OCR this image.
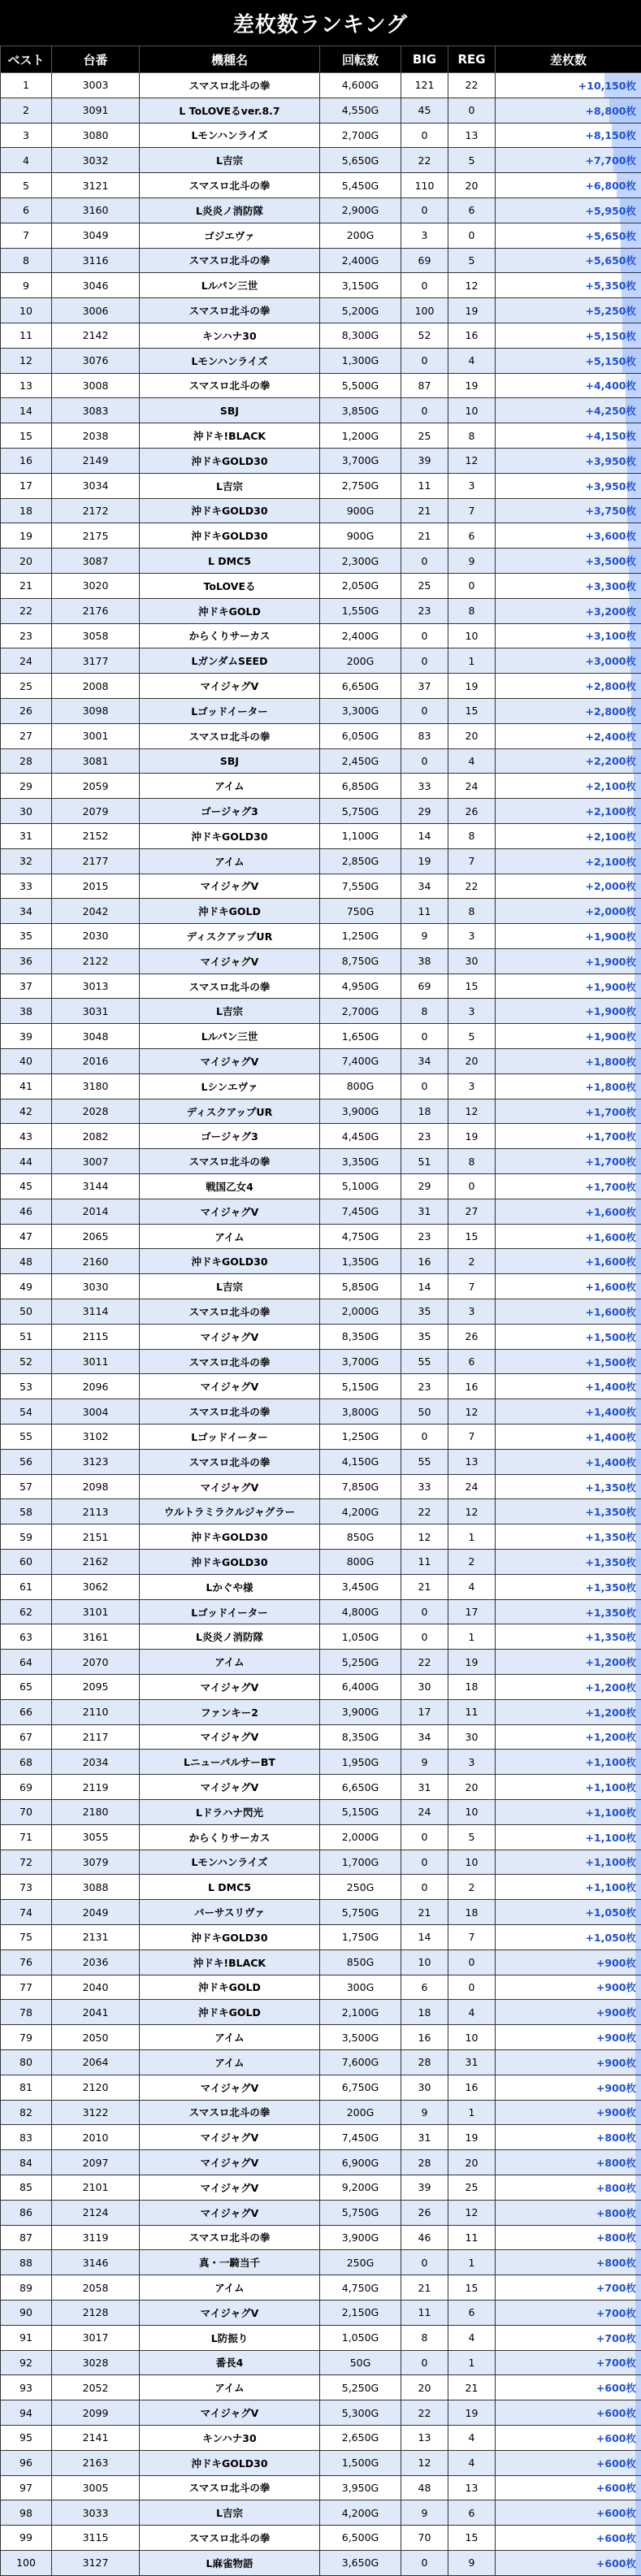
差枚数ランキング
ベスト	台番	機種名	回転数	BIG	REG	差枚数
1	3003	スマスロ北斗の拳	4,600G	121	22	+10,150枚
2	3091	L ToLOVEるver.8.7	4,550G	45	0	+8,800枚
3	3080	Lモンハンライズ	2,700G	0	13	+8,150枚
4	3032	L吉宗	5,650G	22	5	+7,700枚
5	3121	スマスロ北斗の拳	5,450G	110	20	+6,800枚
6	3160	L炎炎ノ消防隊	2,900G	0	6	+5,950枚
7	3049	ゴジエヴァ	200G	3	0	+5,650枚
8	3116	スマスロ北斗の拳	2,400G	69	5	+5,650枚
9	3046	Lルパン三世	3,150G	0	12	+5,350枚
10	3006	スマスロ北斗の拳	5,200G	100	19	+5,250枚
11	2142	キンハナ30	8,300G	52	16	+5,150枚
12	3076	Lモンハンライズ	1,300G	0	4	+5,150枚
13	3008	スマスロ北斗の拳	5,500G	87	19	+4,400枚
14	3083	SBJ	3,850G	0	10	+4,250枚
15	2038	沖ドキ!BLACK	1,200G	25	8	+4,150枚
16	2149	沖ドキGOLD30	3,700G	39	12	+3,950枚
17	3034	L吉宗	2,750G	11	3	+3,950枚
18	2172	沖ドキGOLD30	900G	21	7	+3,750枚
19	2175	沖ドキGOLD30	900G	21	6	+3,600枚
20	3087	L DMC5	2,300G	0	9	+3,500枚
21	3020	ToLOVEる	2,050G	25	0	+3,300枚
22	2176	沖ドキGOLD	1,550G	23	8	+3,200枚
23	3058	からくりサーカス	2,400G	0	10	+3,100枚
24	3177	LガンダムSEED	200G	0	1	+3,000枚
25	2008	マイジャグV	6,650G	37	19	+2,800枚
26	3098	Lゴッドイーター	3,300G	0	15	+2,800枚
27	3001	スマスロ北斗の拳	6,050G	83	20	+2,400枚
28	3081	SBJ	2,450G	0	4	+2,200枚
29	2059	アイム	6,850G	33	24	+2,100枚
30	2079	ゴージャグ3	5,750G	29	26	+2,100枚
31	2152	沖ドキGOLD30	1,100G	14	8	+2,100枚
32	2177	アイム	2,850G	19	7	+2,100枚
33	2015	マイジャグV	7,550G	34	22	+2,000枚
34	2042	沖ドキGOLD	750G	11	8	+2,000枚
35	2030	ディスクアップUR	1,250G	9	3	+1,900枚
36	2122	マイジャグV	8,750G	38	30	+1,900枚
37	3013	スマスロ北斗の拳	4,950G	69	15	+1,900枚
38	3031	L吉宗	2,700G	8	3	+1,900枚
39	3048	Lルパン三世	1,650G	0	5	+1,900枚
40	2016	マイジャグV	7,400G	34	20	+1,800枚
41	3180	Lシンエヴァ	800G	0	3	+1,800枚
42	2028	ディスクアップUR	3,900G	18	12	+1,700枚
43	2082	ゴージャグ3	4,450G	23	19	+1,700枚
44	3007	スマスロ北斗の拳	3,350G	51	8	+1,700枚
45	3144	戦国乙女4	5,100G	29	0	+1,700枚
46	2014	マイジャグV	7,450G	31	27	+1,600枚
47	2065	アイム	4,750G	23	15	+1,600枚
48	2160	沖ドキGOLD30	1,350G	16	2	+1,600枚
49	3030	L吉宗	5,850G	14	7	+1,600枚
50	3114	スマスロ北斗の拳	2,000G	35	3	+1,600枚
51	2115	マイジャグV	8,350G	35	26	+1,500枚
52	3011	スマスロ北斗の拳	3,700G	55	6	+1,500枚
53	2096	マイジャグV	5,150G	23	16	+1,400枚
54	3004	スマスロ北斗の拳	3,800G	50	12	+1,400枚
55	3102	Lゴッドイーター	1,250G	0	7	+1,400枚
56	3123	スマスロ北斗の拳	4,150G	55	13	+1,400枚
57	2098	マイジャグV	7,850G	33	24	+1,350枚
58	2113	ウルトラミラクルジャグラー	4,200G	22	12	+1,350枚
59	2151	沖ドキGOLD30	850G	12	1	+1,350枚
60	2162	沖ドキGOLD30	800G	11	2	+1,350枚
61	3062	Lかぐや様	3,450G	21	4	+1,350枚
62	3101	Lゴッドイーター	4,800G	0	17	+1,350枚
63	3161	L炎炎ノ消防隊	1,050G	0	1	+1,350枚
64	2070	アイム	5,250G	22	19	+1,200枚
65	2095	マイジャグV	6,400G	30	18	+1,200枚
66	2110	ファンキー2	3,900G	17	11	+1,200枚
67	2117	マイジャグV	8,350G	34	30	+1,200枚
68	2034	LニューパルサーBT	1,950G	9	3	+1,100枚
69	2119	マイジャグV	6,650G	31	20	+1,100枚
70	2180	Lドラハナ閃光	5,150G	24	10	+1,100枚
71	3055	からくりサーカス	2,000G	0	5	+1,100枚
72	3079	Lモンハンライズ	1,700G	0	10	+1,100枚
73	3088	L DMC5	250G	0	2	+1,100枚
74	2049	バーサスリヴァ	5,750G	21	18	+1,050枚
75	2131	沖ドキGOLD30	1,750G	14	7	+1,050枚
76	2036	沖ドキ!BLACK	850G	10	0	+900枚
77	2040	沖ドキGOLD	300G	6	0	+900枚
78	2041	沖ドキGOLD	2,100G	18	4	+900枚
79	2050	アイム	3,500G	16	10	+900枚
80	2064	アイム	7,600G	28	31	+900枚
81	2120	マイジャグV	6,750G	30	16	+900枚
82	3122	スマスロ北斗の拳	200G	9	1	+900枚
83	2010	マイジャグV	7,450G	31	19	+800枚
84	2097	マイジャグV	6,900G	28	20	+800枚
85	2101	マイジャグV	9,200G	39	25	+800枚
86	2124	マイジャグV	5,750G	26	12	+800枚
87	3119	スマスロ北斗の拳	3,900G	46	11	+800枚
88	3146	真・一騎当千	250G	0	1	+800枚
89	2058	アイム	4,750G	21	15	+700枚
90	2128	マイジャグV	2,150G	11	6	+700枚
91	3017	L防振り	1,050G	8	4	+700枚
92	3028	番長4	50G	0	1	+700枚
93	2052	アイム	5,250G	20	21	+600枚
94	2099	マイジャグV	5,300G	22	19	+600枚
95	2141	キンハナ30	2,650G	13	4	+600枚
96	2163	沖ドキGOLD30	1,500G	12	4	+600枚
97	3005	スマスロ北斗の拳	3,950G	48	13	+600枚
98	3033	L吉宗	4,200G	9	6	+600枚
99	3115	スマスロ北斗の拳	6,500G	70	15	+600枚
100	3127	L麻雀物語	3,650G	0	9	+600枚
